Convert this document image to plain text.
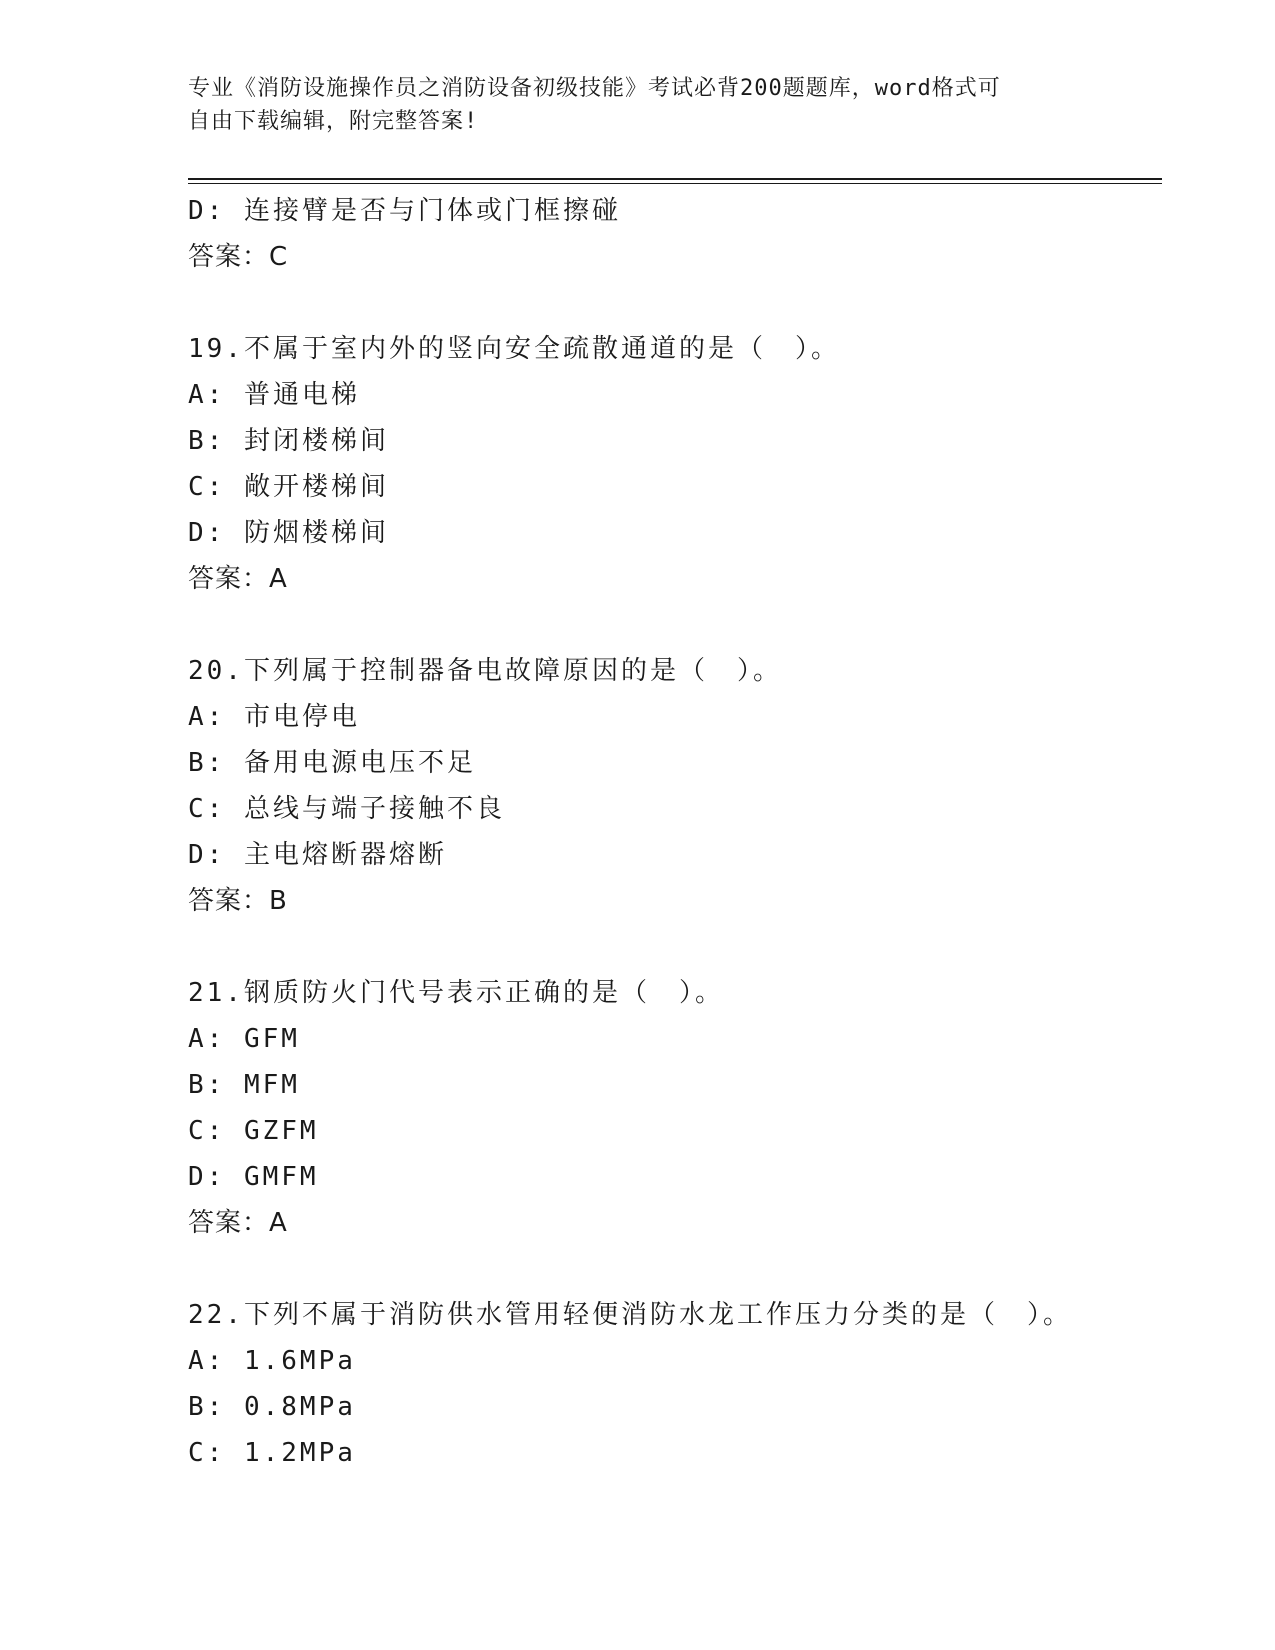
专业《消防设施操作员之消防设备初级技能》考试必背200题题库，word格式可
自由下载编辑，附完整答案!
D: 连接臂是否与门体或门框擦碰
答案：C
19.不属于室内外的竖向安全疏散通道的是（　）。
A: 普通电梯
B: 封闭楼梯间
C: 敞开楼梯间
D: 防烟楼梯间
答案：A
20.下列属于控制器备电故障原因的是（　）。
A: 市电停电
B: 备用电源电压不足
C: 总线与端子接触不良
D: 主电熔断器熔断
答案：B
21.钢质防火门代号表示正确的是（　）。
A: GFM
B: MFM
C: GZFM
D: GMFM
答案：A
22.下列不属于消防供水管用轻便消防水龙工作压力分类的是（　）。
A: 1.6MPa
B: 0.8MPa
C: 1.2MPa
